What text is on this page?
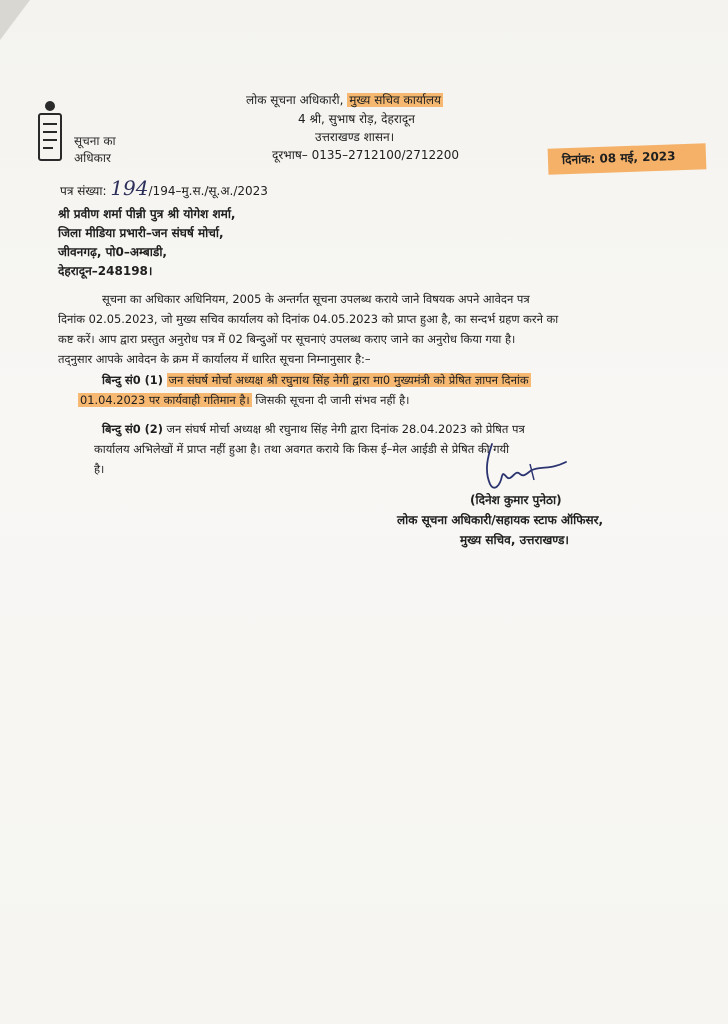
सूचना का
अधिकार
लोक सूचना अधिकारी, मुख्य सचिव कार्यालय
4 श्री, सुभाष रोड़, देहरादून
उत्तराखण्ड शासन।
दूरभाष– 0135–2712100/2712200	दिनांक: 08 मई, 2023
पत्र संख्या: 194/194–मु.स./सू.अ./2023
श्री प्रवीण शर्मा पीन्नी पुत्र श्री योगेश शर्मा,
जिला मीडिया प्रभारी–जन संघर्ष मोर्चा,
जीवनगढ़, पो0–अम्बाडी,
देहरादून–248198।
सूचना का अधिकार अधिनियम, 2005 के अन्तर्गत सूचना उपलब्ध कराये जाने विषयक अपने आवेदन पत्र
दिनांक 02.05.2023, जो मुख्य सचिव कार्यालय को दिनांक 04.05.2023 को प्राप्त हुआ है, का सन्दर्भ ग्रहण करने का
कष्ट करें। आप द्वारा प्रस्तुत अनुरोध पत्र में 02 बिन्दुओं पर सूचनाएं उपलब्ध कराए जाने का अनुरोध किया गया है।
तद्नुसार आपके आवेदन के क्रम में कार्यालय में धारित सूचना निम्नानुसार है:–
बिन्दु सं0 (1) जन संघर्ष मोर्चा अध्यक्ष श्री रघुनाथ सिंह नेगी द्वारा मा0 मुख्यमंत्री को प्रेषित ज्ञापन दिनांक
01.04.2023 पर कार्यवाही गतिमान है। जिसकी सूचना दी जानी संभव नहीं है।
बिन्दु सं0 (2) जन संघर्ष मोर्चा अध्यक्ष श्री रघुनाथ सिंह नेगी द्वारा दिनांक 28.04.2023 को प्रेषित पत्र
कार्यालय अभिलेखों में प्राप्त नहीं हुआ है। तथा अवगत कराये कि किस ई–मेल आईडी से प्रेषित की गयी
है।
(दिनेश कुमार पुनेठा)
लोक सूचना अधिकारी/सहायक स्टाफ ऑफिसर,
मुख्य सचिव, उत्तराखण्ड।
